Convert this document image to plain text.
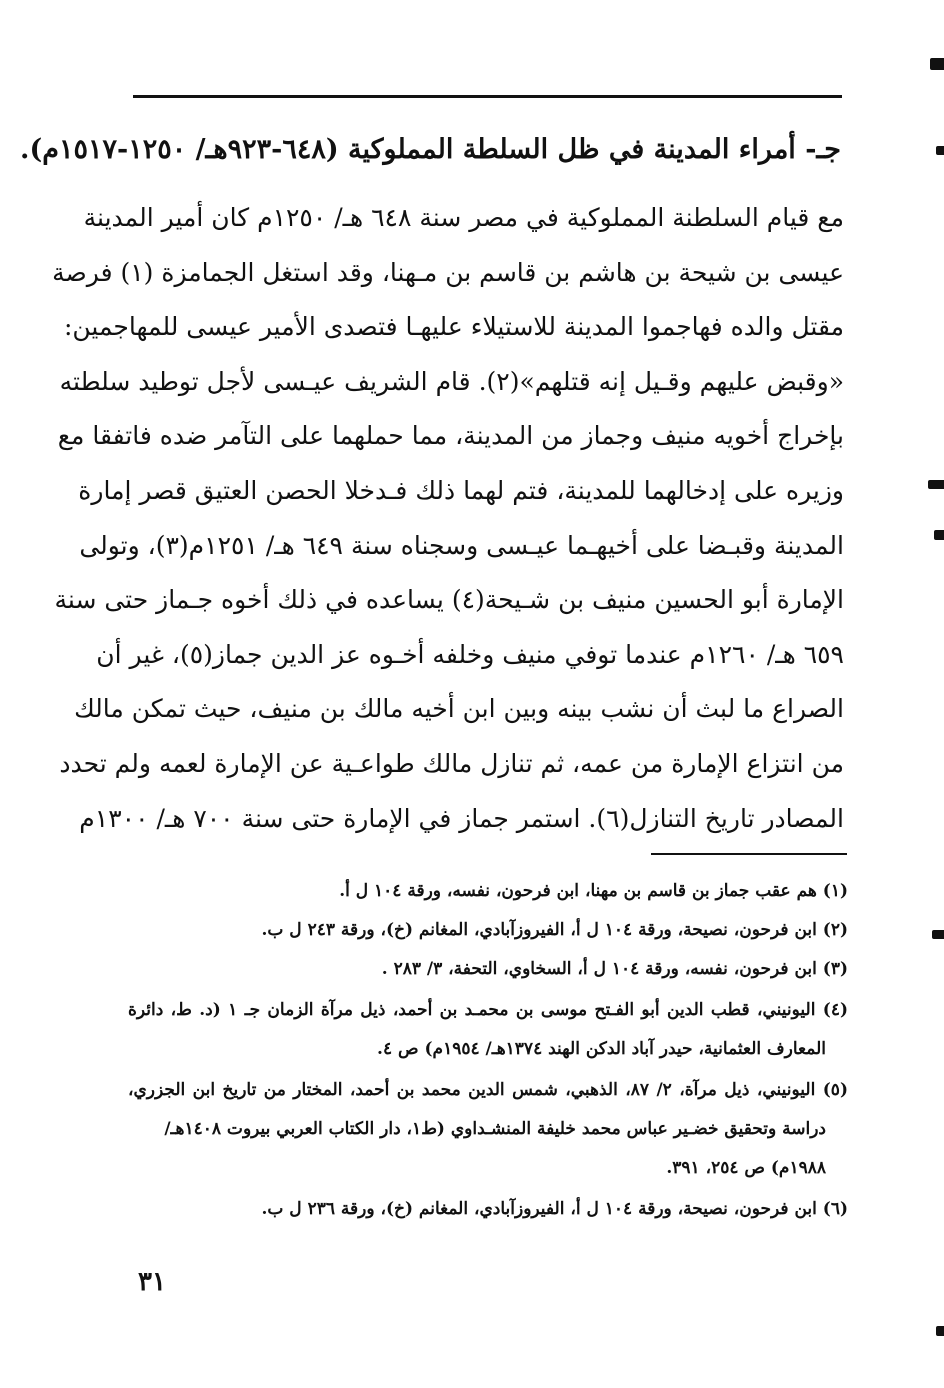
جـ- أمراء المدينة في ظل السلطة المملوكية (٦٤٨-٩٢٣هـ/ ١٢٥٠-١٥١٧م).
مع قيام السلطنة المملوكية في مصر سنة ٦٤٨ هـ/ ١٢٥٠م كان أمير المدينة
عيسى بن شيحة بن هاشم بن قاسم بن مـهنا، وقد استغل الجمامزة (١) فرصة
مقتل والده فهاجموا المدينة للاستيلاء عليهـا فتصدى الأمير عيسى للمهاجمين:
«وقبض عليهم وقـيل إنه قتلهم»(٢). قام الشريف عيـسى لأجل توطيد سلطته
بإخراج أخويه منيف وجماز من المدينة، مما حملهما على التآمر ضده فاتفقا مع
وزيره على إدخالهما للمدينة، فتم لهما ذلك فـدخلا الحصن العتيق قصر إمارة
المدينة وقبـضا على أخيهـما عيـسى وسجناه سنة ٦٤٩ هـ/ ١٢٥١م(٣)، وتولى
الإمارة أبو الحسين منيف بن شـيحة(٤) يساعده في ذلك أخوه جـماز حتى سنة
٦٥٩ هـ/ ١٢٦٠م عندما توفي منيف وخلفه أخـوه عز الدين جماز(٥)، غير أن
الصراع ما لبث أن نشب بينه وبين ابن أخيه مالك بن منيف، حيث تمكن مالك
من انتزاع الإمارة من عمه، ثم تنازل مالك طواعـية عن الإمارة لعمه ولم تحدد
المصادر تاريخ التنازل(٦). استمر جماز في الإمارة حتى سنة ٧٠٠ هـ/ ١٣٠٠م
(١) هم عقب جماز بن قاسم بن مهنا، ابن فرحون، نفسه، ورقة ١٠٤ ل أ.
(٢) ابن فرحون، نصيحة، ورقة ١٠٤ ل أ، الفيروزآبادي، المغانم (خ)، ورقة ٢٤٣ ل ب.
(٣) ابن فرحون، نفسه، ورقة ١٠٤ ل أ، السخاوي، التحفة، ٣/ ٢٨٣ .
(٤) اليونيني، قطب الدين أبو الفـتح موسى بن محمـد بن أحمد، ذيل مرآة الزمان جـ ١ (د. ط، دائرة
المعارف العثمانية، حيدر آباد الدكن الهند ١٣٧٤هـ/ ١٩٥٤م) ص ٤.
(٥) اليونيني، ذيل مرآة، ٢/ ٨٧، الذهبي، شمس الدين محمد بن أحمد، المختار من تاريخ ابن الجزري،
دراسة وتحقيق خضـير عباس محمد خليفة المنشـداوي (ط١، دار الكتاب العربي بيروت ١٤٠٨هـ/
١٩٨٨م) ص ٢٥٤، ٣٩١.
(٦) ابن فرحون، نصيحة، ورقة ١٠٤ ل أ، الفيروزآبادي، المغانم (خ)، ورقة ٢٣٦ ل ب.
٣١
